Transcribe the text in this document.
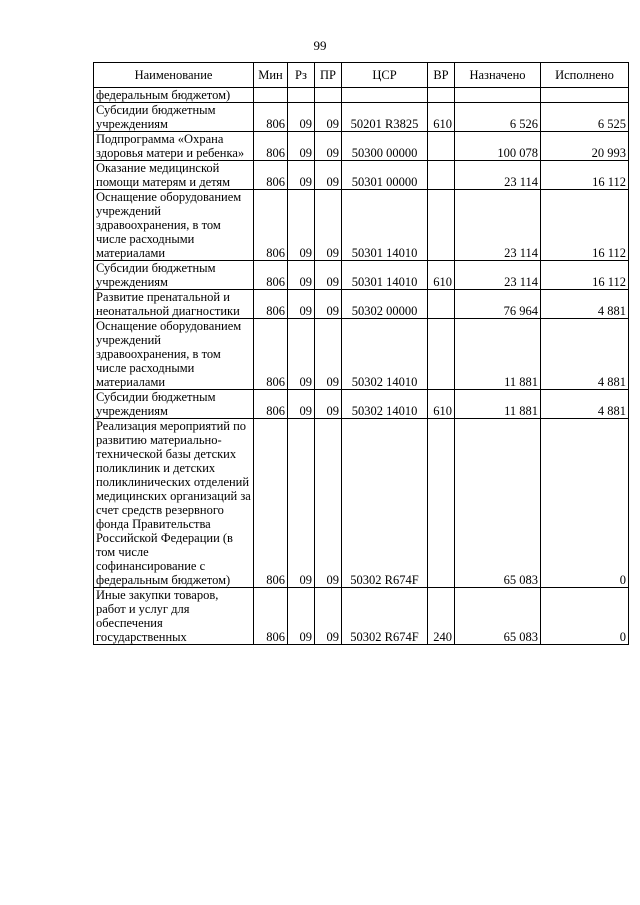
99
Наименование	Мин	Рз	ПР	ЦСР	ВР	Назначено	Исполнено
федеральным бюджетом)							
Субсидии бюджетным учреждениям	806	09	09	50201 R3825	610	6 526	6 525
Подпрограмма «Охрана здоровья матери и ребенка»	806	09	09	50300 00000		100 078	20 993
Оказание медицинской помощи матерям и детям	806	09	09	50301 00000		23 114	16 112
Оснащение оборудованием учреждений здравоохранения, в том числе расходными материалами	806	09	09	50301 14010		23 114	16 112
Субсидии бюджетным учреждениям	806	09	09	50301 14010	610	23 114	16 112
Развитие пренатальной и неонатальной диагностики	806	09	09	50302 00000		76 964	4 881
Оснащение оборудованием учреждений здравоохранения, в том числе расходными материалами	806	09	09	50302 14010		11 881	4 881
Субсидии бюджетным учреждениям	806	09	09	50302 14010	610	11 881	4 881
Реализация мероприятий по развитию материально-технической базы детских поликлиник и детских поликлинических отделений медицинских организаций за счет средств резервного фонда Правительства Российской Федерации (в том числе софинансирование с федеральным бюджетом)	806	09	09	50302 R674F		65 083	0
Иные закупки товаров, работ и услуг для обеспечения государственных	806	09	09	50302 R674F	240	65 083	0
